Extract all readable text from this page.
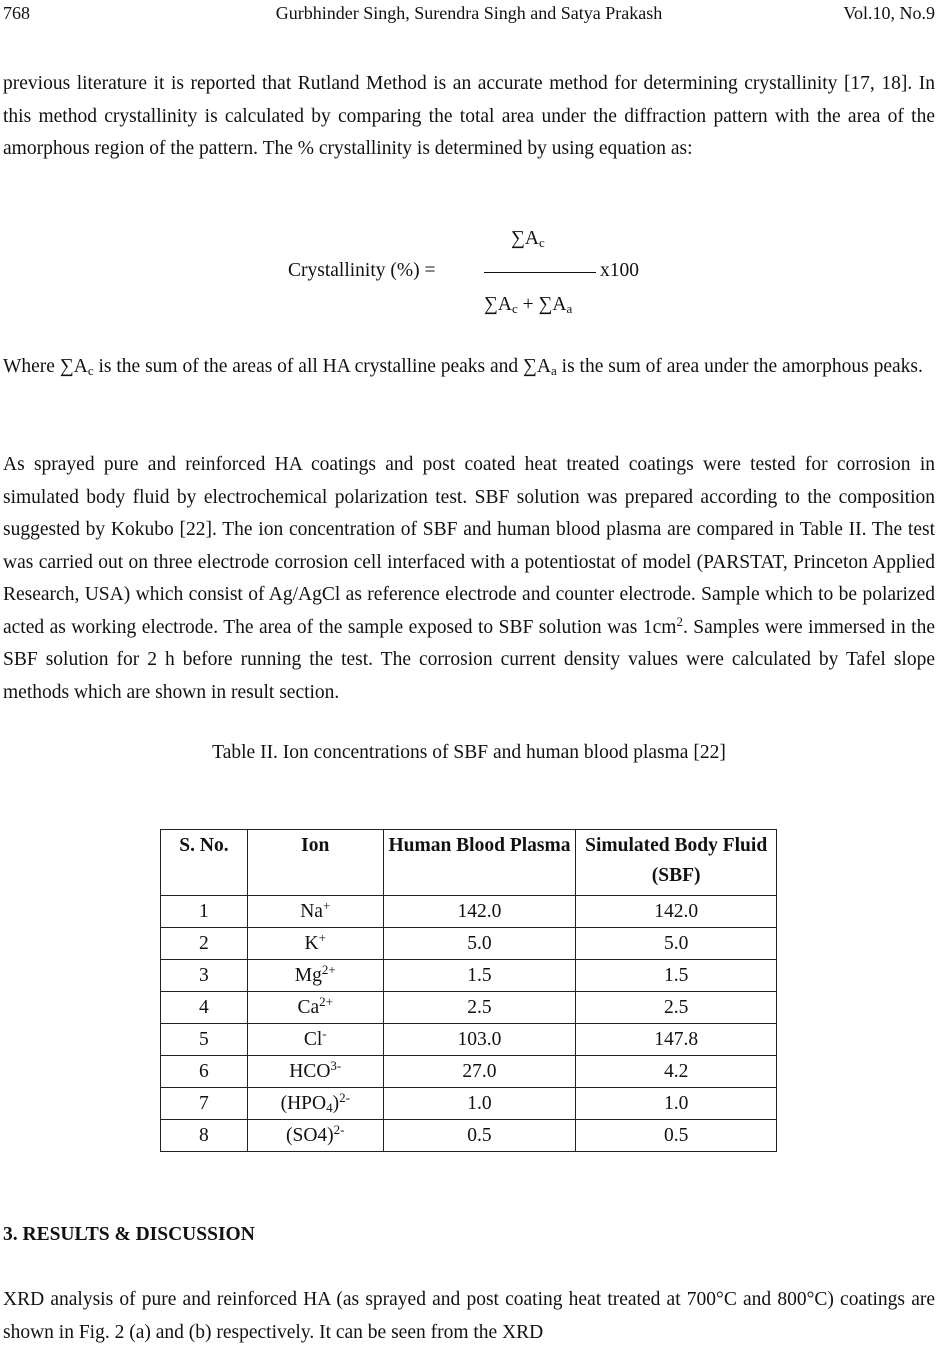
768	Gurbhinder Singh, Surendra Singh and Satya Prakash	Vol.10, No.9

previous literature it is reported that Rutland Method is an accurate method for determining crystallinity [17, 18]. In this method crystallinity is calculated by comparing the total area under the diffraction pattern with the area of the amorphous region of the pattern. The % crystallinity is determined by using equation as:

$\sum A_c$
Crystallinity (%) =	x100
$\sum A_c + \sum A_a$

Where $\sum A_c$ is the sum of the areas of all HA crystalline peaks and $\sum A_a$ is the sum of area under the amorphous peaks.

As sprayed pure and reinforced HA coatings and post coated heat treated coatings were tested for corrosion in simulated body fluid by electrochemical polarization test. SBF solution was prepared according to the composition suggested by Kokubo [22]. The ion concentration of SBF and human blood plasma are compared in Table II. The test was carried out on three electrode corrosion cell interfaced with a potentiostat of model (PARSTAT, Princeton Applied Research, USA) which consist of Ag/AgCl as reference electrode and counter electrode. Sample which to be polarized acted as working electrode. The area of the sample exposed to SBF solution was $1cm^2$. Samples were immersed in the SBF solution for 2 h before running the test. The corrosion current density values were calculated by Tafel slope methods which are shown in result section.

Table II. Ion concentrations of SBF and human blood plasma [22]
S. No.	Ion	Human Blood Plasma	Simulated Body Fluid (SBF)
1	Na+	142.0	142.0
2	K+	5.0	5.0
3	$Mg^{2+}$	1.5	1.5
4	$Ca^{2+}$	2.5	2.5
5	Cl-	103.0	147.8
6	$HCO^{3-}$	27.0	4.2
7	$(HPO_4)^{2-}$	1.0	1.0
8	$(SO4)^{2-}$	0.5	0.5
3. RESULTS & DISCUSSION

XRD analysis of pure and reinforced HA (as sprayed and post coating heat treated at 700°C and 800°C) coatings are shown in Fig. 2 (a) and (b) respectively. It can be seen from the XRD
